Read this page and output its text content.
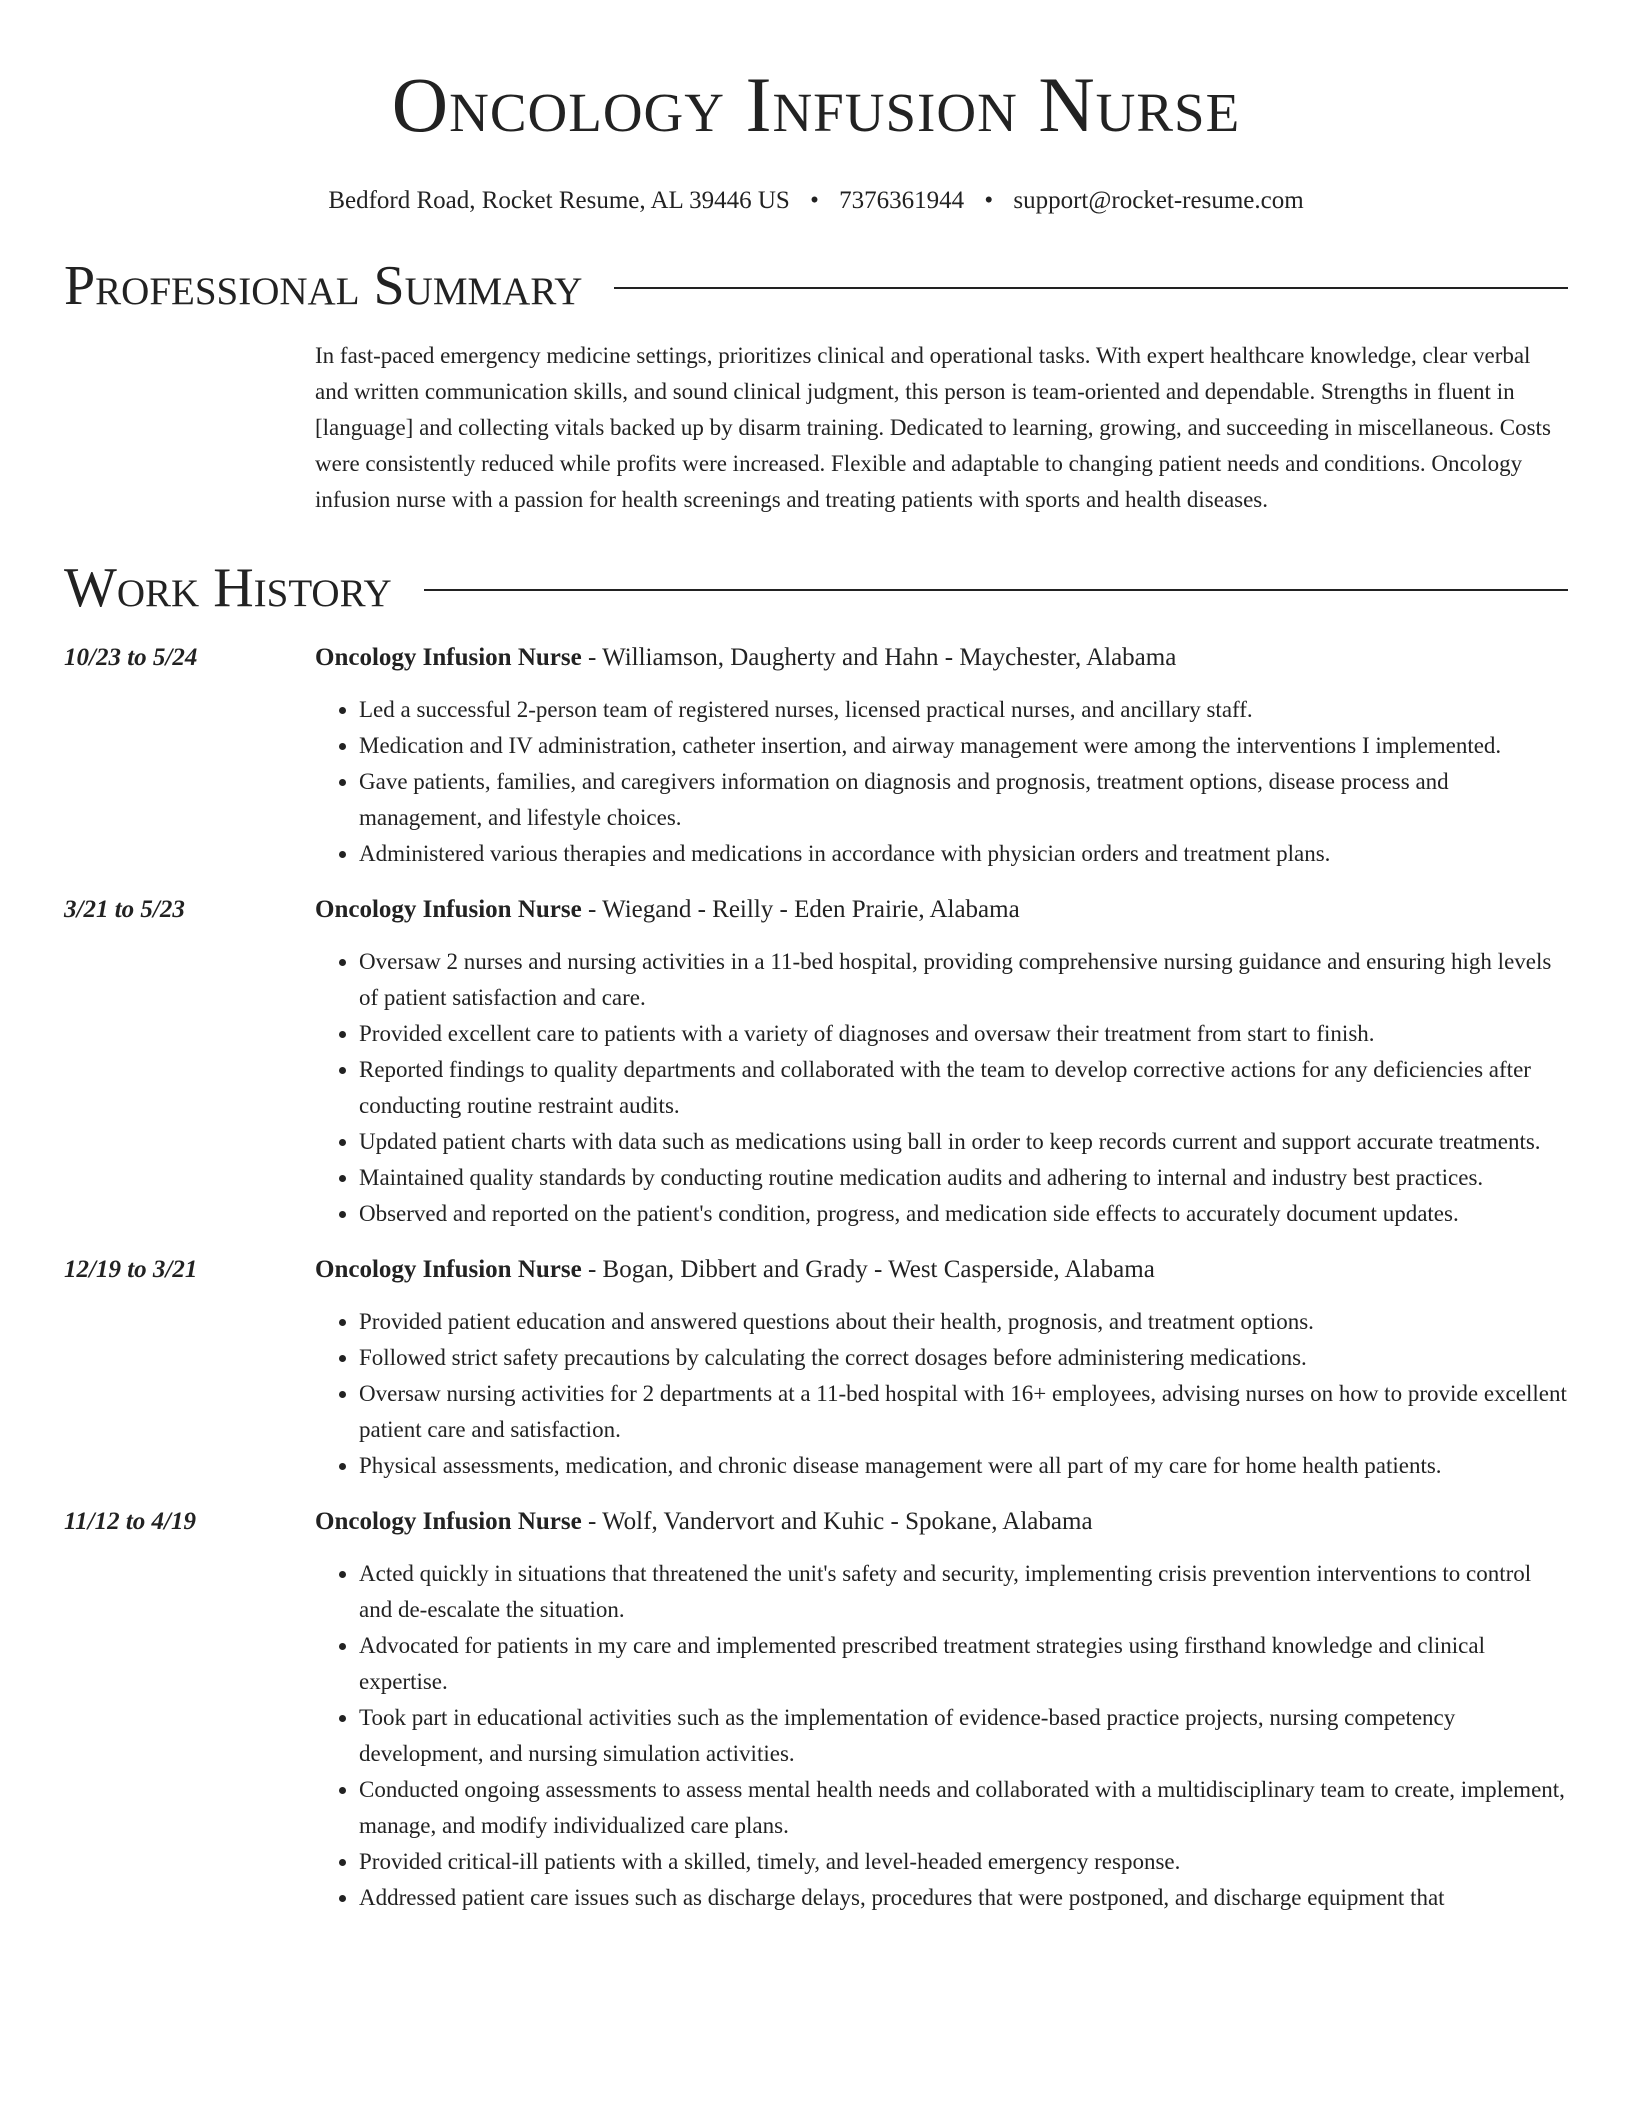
Oncology Infusion Nurse
Bedford Road, Rocket Resume, AL 39446 US • 7376361944 • support@rocket-resume.com
Professional Summary
In fast-paced emergency medicine settings, prioritizes clinical and operational tasks. With expert healthcare knowledge, clear verbal and written communication skills, and sound clinical judgment, this person is team-oriented and dependable. Strengths in fluent in [language] and collecting vitals backed up by disarm training. Dedicated to learning, growing, and succeeding in miscellaneous. Costs were consistently reduced while profits were increased. Flexible and adaptable to changing patient needs and conditions. Oncology infusion nurse with a passion for health screenings and treating patients with sports and health diseases.
Work History
10/23 to 5/24	Oncology Infusion Nurse - Williamson, Daugherty and Hahn - Maychester, Alabama
• Led a successful 2-person team of registered nurses, licensed practical nurses, and ancillary staff.
• Medication and IV administration, catheter insertion, and airway management were among the interventions I implemented.
• Gave patients, families, and caregivers information on diagnosis and prognosis, treatment options, disease process and management, and lifestyle choices.
• Administered various therapies and medications in accordance with physician orders and treatment plans.
3/21 to 5/23	Oncology Infusion Nurse - Wiegand - Reilly - Eden Prairie, Alabama
• Oversaw 2 nurses and nursing activities in a 11-bed hospital, providing comprehensive nursing guidance and ensuring high levels of patient satisfaction and care.
• Provided excellent care to patients with a variety of diagnoses and oversaw their treatment from start to finish.
• Reported findings to quality departments and collaborated with the team to develop corrective actions for any deficiencies after conducting routine restraint audits.
• Updated patient charts with data such as medications using ball in order to keep records current and support accurate treatments.
• Maintained quality standards by conducting routine medication audits and adhering to internal and industry best practices.
• Observed and reported on the patient's condition, progress, and medication side effects to accurately document updates.
12/19 to 3/21	Oncology Infusion Nurse - Bogan, Dibbert and Grady - West Casperside, Alabama
• Provided patient education and answered questions about their health, prognosis, and treatment options.
• Followed strict safety precautions by calculating the correct dosages before administering medications.
• Oversaw nursing activities for 2 departments at a 11-bed hospital with 16+ employees, advising nurses on how to provide excellent patient care and satisfaction.
• Physical assessments, medication, and chronic disease management were all part of my care for home health patients.
11/12 to 4/19	Oncology Infusion Nurse - Wolf, Vandervort and Kuhic - Spokane, Alabama
• Acted quickly in situations that threatened the unit's safety and security, implementing crisis prevention interventions to control and de-escalate the situation.
• Advocated for patients in my care and implemented prescribed treatment strategies using firsthand knowledge and clinical expertise.
• Took part in educational activities such as the implementation of evidence-based practice projects, nursing competency development, and nursing simulation activities.
• Conducted ongoing assessments to assess mental health needs and collaborated with a multidisciplinary team to create, implement, manage, and modify individualized care plans.
• Provided critical-ill patients with a skilled, timely, and level-headed emergency response.
• Addressed patient care issues such as discharge delays, procedures that were postponed, and discharge equipment that
